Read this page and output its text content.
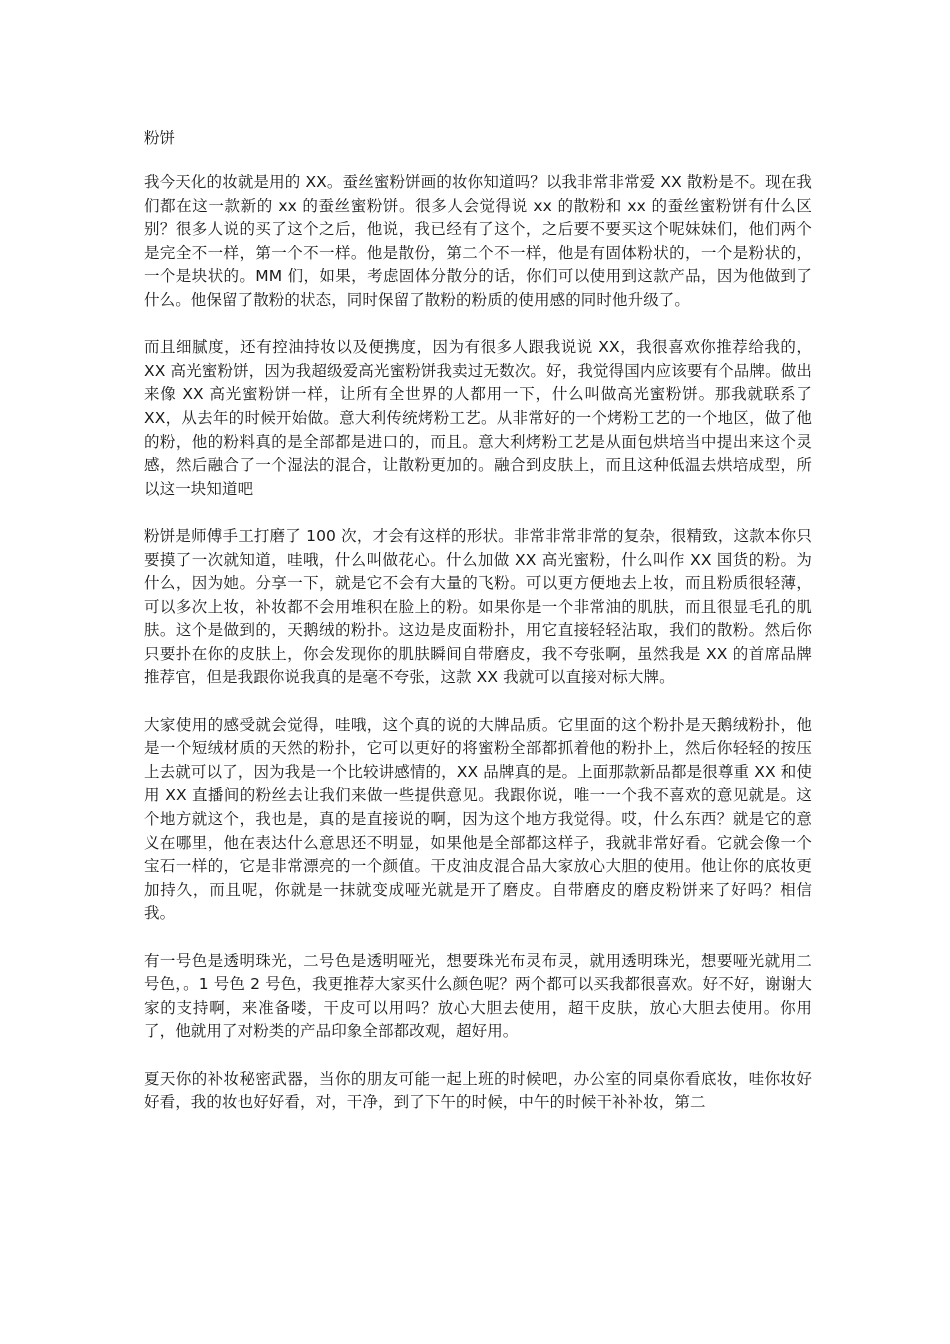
粉饼

我今天化的妆就是用的 XX。蚕丝蜜粉饼画的妆你知道吗？以我非常非常爱 XX 散粉是不。现在我们都在这一款新的 xx 的蚕丝蜜粉饼。很多人会觉得说 xx 的散粉和 xx 的蚕丝蜜粉饼有什么区别？很多人说的买了这个之后，他说，我已经有了这个，之后要不要买这个呢妹妹们，他们两个是完全不一样，第一个不一样。他是散份，第二个不一样，他是有固体粉状的，一个是粉状的，一个是块状的。MM 们，如果，考虑固体分散分的话，你们可以使用到这款产品，因为他做到了什么。他保留了散粉的状态，同时保留了散粉的粉质的使用感的同时他升级了。

而且细腻度，还有控油持妆以及便携度，因为有很多人跟我说说 XX，我很喜欢你推荐给我的，XX 高光蜜粉饼，因为我超级爱高光蜜粉饼我卖过无数次。好，我觉得国内应该要有个品牌。做出来像 XX 高光蜜粉饼一样，让所有全世界的人都用一下，什么叫做高光蜜粉饼。那我就联系了 XX，从去年的时候开始做。意大利传统烤粉工艺。从非常好的一个烤粉工艺的一个地区，做了他的粉，他的粉料真的是全部都是进口的，而且。意大利烤粉工艺是从面包烘培当中提出来这个灵感，然后融合了一个湿法的混合，让散粉更加的。融合到皮肤上，而且这种低温去烘培成型，所以这一块知道吧

粉饼是师傅手工打磨了 100 次，才会有这样的形状。非常非常非常的复杂，很精致，这款本你只要摸了一次就知道，哇哦，什么叫做花心。什么加做 XX 高光蜜粉，什么叫作 XX 国货的粉。为什么，因为她。分享一下，就是它不会有大量的飞粉。可以更方便地去上妆，而且粉质很轻薄，可以多次上妆，补妆都不会用堆积在脸上的粉。如果你是一个非常油的肌肤，而且很显毛孔的肌肤。这个是做到的，天鹅绒的粉扑。这边是皮面粉扑，用它直接轻轻沾取，我们的散粉。然后你只要扑在你的皮肤上，你会发现你的肌肤瞬间自带磨皮，我不夸张啊，虽然我是 XX 的首席品牌推荐官，但是我跟你说我真的是毫不夸张，这款 XX 我就可以直接对标大牌。

大家使用的感受就会觉得，哇哦，这个真的说的大牌品质。它里面的这个粉扑是天鹅绒粉扑，他是一个短绒材质的天然的粉扑，它可以更好的将蜜粉全部都抓着他的粉扑上，然后你轻轻的按压上去就可以了，因为我是一个比较讲感情的，XX 品牌真的是。上面那款新品都是很尊重 XX 和使用 XX 直播间的粉丝去让我们来做一些提供意见。我跟你说，唯一一个我不喜欢的意见就是。这个地方就这个，我也是，真的是直接说的啊，因为这个地方我觉得。哎，什么东西？就是它的意义在哪里，他在表达什么意思还不明显，如果他是全部都这样子，我就非常好看。它就会像一个宝石一样的，它是非常漂亮的一个颜值。干皮油皮混合品大家放心大胆的使用。他让你的底妆更加持久，而且呢，你就是一抹就变成哑光就是开了磨皮。自带磨皮的磨皮粉饼来了好吗？相信我。

有一号色是透明珠光，二号色是透明哑光，想要珠光布灵布灵，就用透明珠光，想要哑光就用二号色，。1 号色 2 号色，我更推荐大家买什么颜色呢？两个都可以买我都很喜欢。好不好，谢谢大家的支持啊，来准备喽，干皮可以用吗？放心大胆去使用，超干皮肤，放心大胆去使用。你用了，他就用了对粉类的产品印象全部都改观，超好用。

夏天你的补妆秘密武器，当你的朋友可能一起上班的时候吧，办公室的同桌你看底妆，哇你妆好好看，我的妆也好好看，对，干净，到了下午的时候，中午的时候干补补妆，第二
